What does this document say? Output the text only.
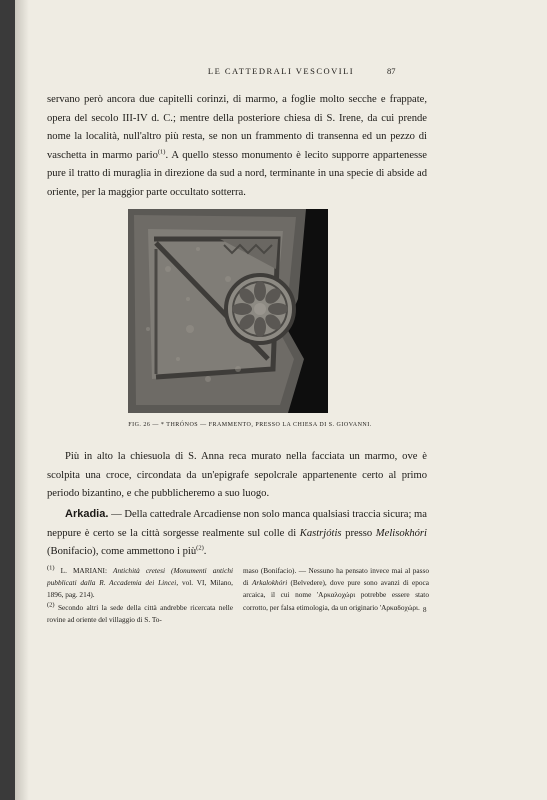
LE CATTEDRALI VESCOVILI	87

servano però ancora due capitelli corinzi, di marmo, a foglie molto secche e frappate, opera del secolo III-IV d. C.; mentre della posteriore chiesa di S. Irene, da cui prende nome la località, null'altro più resta, se non un frammento di transenna ed un pezzo di vaschetta in marmo pario$^{(1)}$. A quello stesso monumento è lecito supporre appartenesse pure il tratto di muraglia in direzione da sud a nord, terminante in una specie di abside ad oriente, per la maggior parte occultato sotterra.

FIG. 26 — * THRÓNOS — FRAMMENTO, PRESSO LA CHIESA DI S. GIOVANNI.

Più in alto la chiesuola di S. Anna reca murato nella facciata un marmo, ove è scolpita una croce, circondata da un'epigrafe sepolcrale appartenente certo al primo periodo bizantino, e che pubblicheremo a suo luogo.

Arkadia. — Della cattedrale Arcadiense non solo manca qualsiasi traccia sicura; ma neppure è certo se la città sorgesse realmente sul colle di Kastrjótis presso Melisokhóri (Bonifacio), come ammettono i più$^{(2)}$.

(1) L. MARIANI: Antichità cretesi (Monumenti antichi pubblicati dalla R. Accademia dei Lincei, vol. VI, Milano, 1896, pag. 214).

(2) Secondo altri la sede della città andrebbe ricercata nelle rovine ad oriente del villaggio di S. To-

maso (Bonifacio). — Nessuno ha pensato invece mai al passo di Arkalokhóri (Belvedere), dove pure sono avanzi di epoca arcaica, il cui nome 'Αρκαλοχώρι potrebbe essere stato corrotto, per falsa etimologia, da un originario 'Αρκαδοχώρι. 8
